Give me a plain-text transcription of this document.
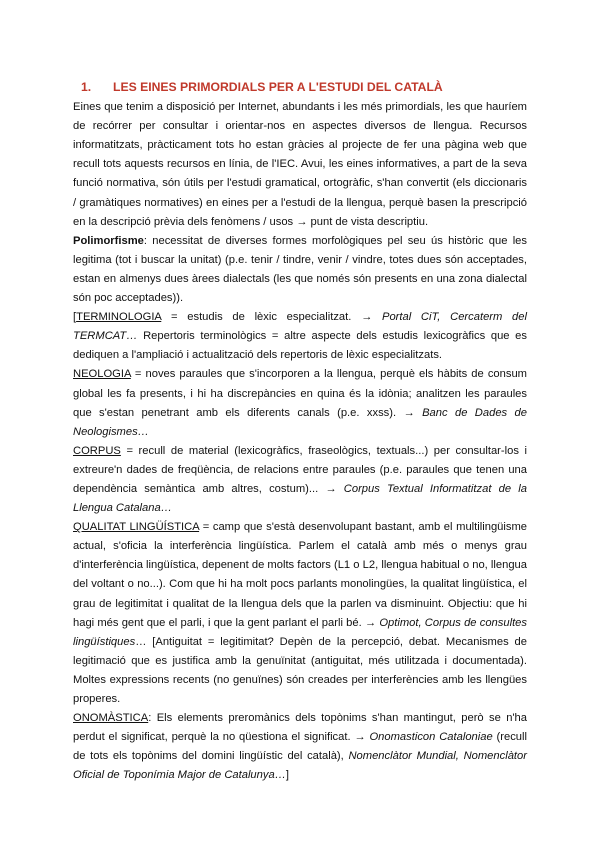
1. LES EINES PRIMORDIALS PER A L'ESTUDI DEL CATALÀ

Eines que tenim a disposició per Internet, abundants i les més primordials, les que hauríem de recórrer per consultar i orientar-nos en aspectes diversos de llengua. Recursos informatitzats, pràcticament tots ho estan gràcies al projecte de fer una pàgina web que recull tots aquests recursos en línia, de l'IEC. Avui, les eines informatives, a part de la seva funció normativa, són útils per l'estudi gramatical, ortogràfic, s'han convertit (els diccionaris / gramàtiques normatives) en eines per a l'estudi de la llengua, perquè basen la prescripció en la descripció prèvia dels fenòmens / usos → punt de vista descriptiu.

Polimorfisme: necessitat de diverses formes morfològiques pel seu ús històric que les legitima (tot i buscar la unitat) (p.e. tenir / tindre, venir / vindre, totes dues són acceptades, estan en almenys dues àrees dialectals (les que només són presents en una zona dialectal són poc acceptades)).

[TERMINOLOGIA = estudis de lèxic especialitzat. → Portal CiT, Cercaterm del TERMCAT… Repertoris terminològics = altre aspecte dels estudis lexicogràfics que es dediquen a l'ampliació i actualització dels repertoris de lèxic especialitzats.

NEOLOGIA = noves paraules que s'incorporen a la llengua, perquè els hàbits de consum global les fa presents, i hi ha discrepàncies en quina és la idònia; analitzen les paraules que s'estan penetrant amb els diferents canals (p.e. xxss). → Banc de Dades de Neologismes…

CORPUS = recull de material (lexicogràfics, fraseològics, textuals...) per consultar-los i extreure'n dades de freqüència, de relacions entre paraules (p.e. paraules que tenen una dependència semàntica amb altres, costum)... → Corpus Textual Informatitzat de la Llengua Catalana…

QUALITAT LINGÜÍSTICA = camp que s'està desenvolupant bastant, amb el multilingüisme actual, s'oficia la interferència lingüística. Parlem el català amb més o menys grau d'interferència lingüística, depenent de molts factors (L1 o L2, llengua habitual o no, llengua del voltant o no...). Com que hi ha molt pocs parlants monolingües, la qualitat lingüística, el grau de legitimitat i qualitat de la llengua dels que la parlen va disminuint. Objectiu: que hi hagi més gent que el parli, i que la gent parlant el parli bé. → Optimot, Corpus de consultes lingüístiques… [Antiguitat = legitimitat? Depèn de la percepció, debat. Mecanismes de legitimació que es justifica amb la genuïnitat (antiguitat, més utilitzada i documentada). Moltes expressions recents (no genuïnes) són creades per interferències amb les llengües properes.

ONOMÀSTICA: Els elements preromànics dels topònims s'han mantingut, però se n'ha perdut el significat, perquè la no qüestiona el significat. → Onomasticon Cataloniae (recull de tots els topònims del domini lingüístic del català), Nomenclàtor Mundial, Nomenclàtor Oficial de Toponímia Major de Catalunya…]
